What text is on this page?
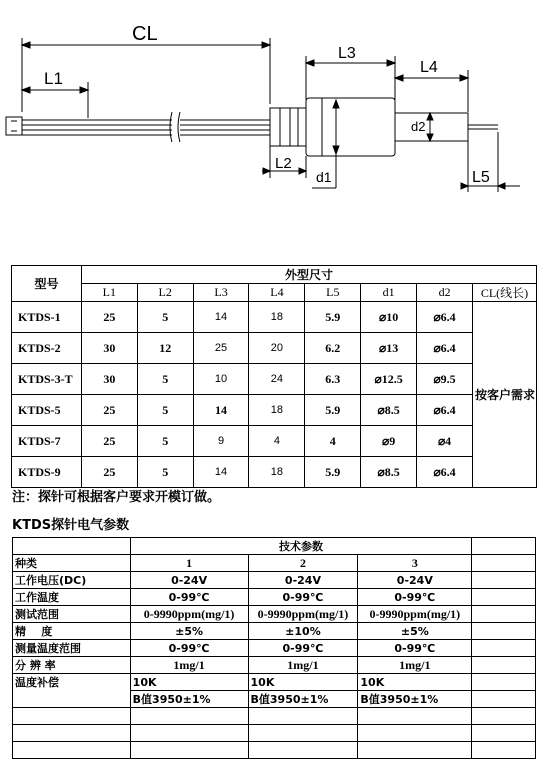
CL
L1
L3
L4
L2
d1
d2
L5
型号	外型尺寸							
	L1	L2	L3	L4	L5	d1	d2	CL(线长)
KTDS-1	25	5	14	18	5.9	⌀10	⌀6.4	按客户需求
KTDS-2	30	12	25	20	6.2	⌀13	⌀6.4	
KTDS-3-T	30	5	10	24	6.3	⌀12.5	⌀9.5	
KTDS-5	25	5	14	18	5.9	⌀8.5	⌀6.4	
KTDS-7	25	5	9	4	4	⌀9	⌀4	
KTDS-9	25	5	14	18	5.9	⌀8.5	⌀6.4	
注：探针可根据客户要求开模订做。
KTDS探针电气参数
	技术参数			
种类	1	2	3	
工作电压(DC)	0-24V	0-24V	0-24V	
工作温度	0-99℃	0-99℃	0-99℃	
测试范围	0-9990ppm(mg/1)	0-9990ppm(mg/1)	0-9990ppm(mg/1)	
精    度	±5%	±10%	±5%	
测量温度范围	0-99℃	0-99℃	0-99℃	
分 辨 率	1mg/1	1mg/1	1mg/1	
温度补偿	10K	10K	10K	
	B值3950±1%	B值3950±1%	B值3950±1%	
